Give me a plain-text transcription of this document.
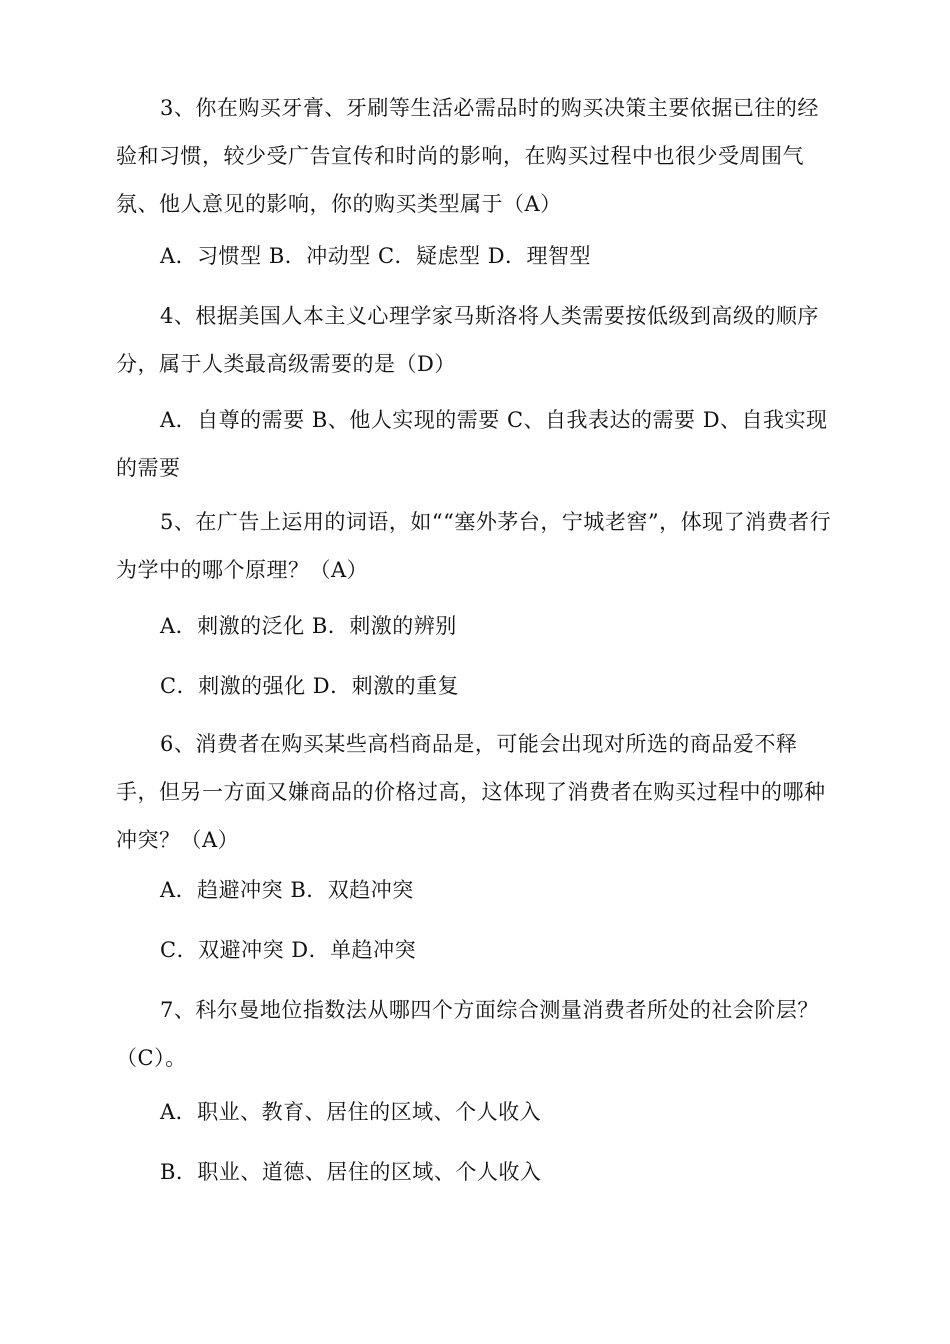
3、你在购买牙膏、牙刷等生活必需品时的购买决策主要依据已往的经验和习惯，较少受广告宣传和时尚的影响，在购买过程中也很少受周围气氛、他人意见的影响，你的购买类型属于（A）

A．习惯型 B．冲动型 C．疑虑型 D．理智型

4、根据美国人本主义心理学家马斯洛将人类需要按低级到高级的顺序分，属于人类最高级需要的是（D）

A．自尊的需要 B、他人实现的需要 C、自我表达的需要 D、自我实现的需要

5、在广告上运用的词语，如““塞外茅台，宁城老窖”，体现了消费者行为学中的哪个原理？（A）

A．刺激的泛化 B．刺激的辨别

C．刺激的强化 D．刺激的重复

6、消费者在购买某些高档商品是，可能会出现对所选的商品爱不释手，但另一方面又嫌商品的价格过高，这体现了消费者在购买过程中的哪种冲突？（A）

A．趋避冲突 B．双趋冲突

C．双避冲突 D．单趋冲突

7、科尔曼地位指数法从哪四个方面综合测量消费者所处的社会阶层？（C）。

A．职业、教育、居住的区域、个人收入

B．职业、道德、居住的区域、个人收入
